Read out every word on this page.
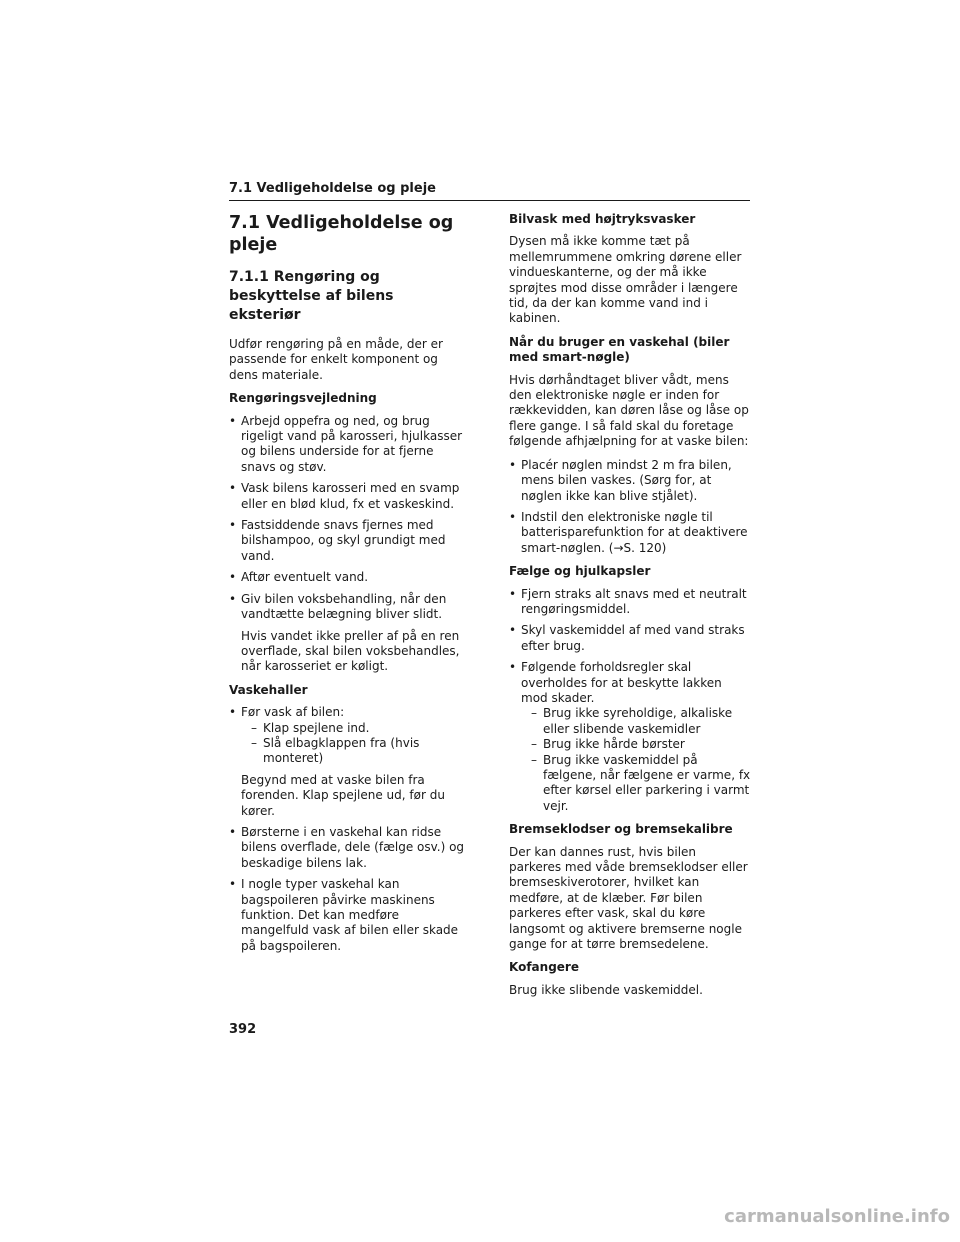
7.1 Vedligeholdelse og pleje
7.1 Vedligeholdelse og pleje
7.1.1 Rengøring og beskyttelse af bilens eksteriør

Udfør rengøring på en måde, der er passende for enkelt komponent og dens materiale.

Rengøringsvejledning
• Arbejd oppefra og ned, og brug rigeligt vand på karosseri, hjulkasser og bilens underside for at fjerne snavs og støv.
• Vask bilens karosseri med en svamp eller en blød klud, fx et vaskeskind.
• Fastsiddende snavs fjernes med bilshampoo, og skyl grundigt med vand.
• Aftør eventuelt vand.
• Giv bilen voksbehandling, når den vandtætte belægning bliver slidt.
Hvis vandet ikke preller af på en ren overflade, skal bilen voksbehandles, når karosseriet er køligt.
Vaskehaller
• Før vask af bilen:
– Klap spejlene ind.
– Slå elbagklappen fra (hvis monteret)
Begynd med at vaske bilen fra forenden. Klap spejlene ud, før du kører.
• Børsterne i en vaskehal kan ridse bilens overflade, dele (fælge osv.) og beskadige bilens lak.
• I nogle typer vaskehal kan bagspoileren påvirke maskinens funktion. Det kan medføre mangelfuld vask af bilen eller skade på bagspoileren.
Bilvask med højtryksvasker

Dysen må ikke komme tæt på mellemrummene omkring dørene eller vindueskanterne, og der må ikke sprøjtes mod disse områder i længere tid, da der kan komme vand ind i kabinen.

Når du bruger en vaskehal (biler med smart-nøgle)

Hvis dørhåndtaget bliver vådt, mens den elektroniske nøgle er inden for rækkevidden, kan døren låse og låse op flere gange. I så fald skal du foretage følgende afhjælpning for at vaske bilen:

• Placér nøglen mindst 2 m fra bilen, mens bilen vaskes. (Sørg for, at nøglen ikke kan blive stjålet).
• Indstil den elektroniske nøgle til batterisparefunktion for at deaktivere smart-nøglen. (→S. 120)
Fælge og hjulkapsler
• Fjern straks alt snavs med et neutralt rengøringsmiddel.
• Skyl vaskemiddel af med vand straks efter brug.
• Følgende forholdsregler skal overholdes for at beskytte lakken mod skader.
– Brug ikke syreholdige, alkaliske eller slibende vaskemidler
– Brug ikke hårde børster
– Brug ikke vaskemiddel på fælgene, når fælgene er varme, fx efter kørsel eller parkering i varmt vejr.
Bremseklodser og bremsekalibre

Der kan dannes rust, hvis bilen parkeres med våde bremseklodser eller bremseskiverotorer, hvilket kan medføre, at de klæber. Før bilen parkeres efter vask, skal du køre langsomt og aktivere bremserne nogle gange for at tørre bremsedelene.

Kofangere

Brug ikke slibende vaskemiddel.

392
carmanualsonline.info
